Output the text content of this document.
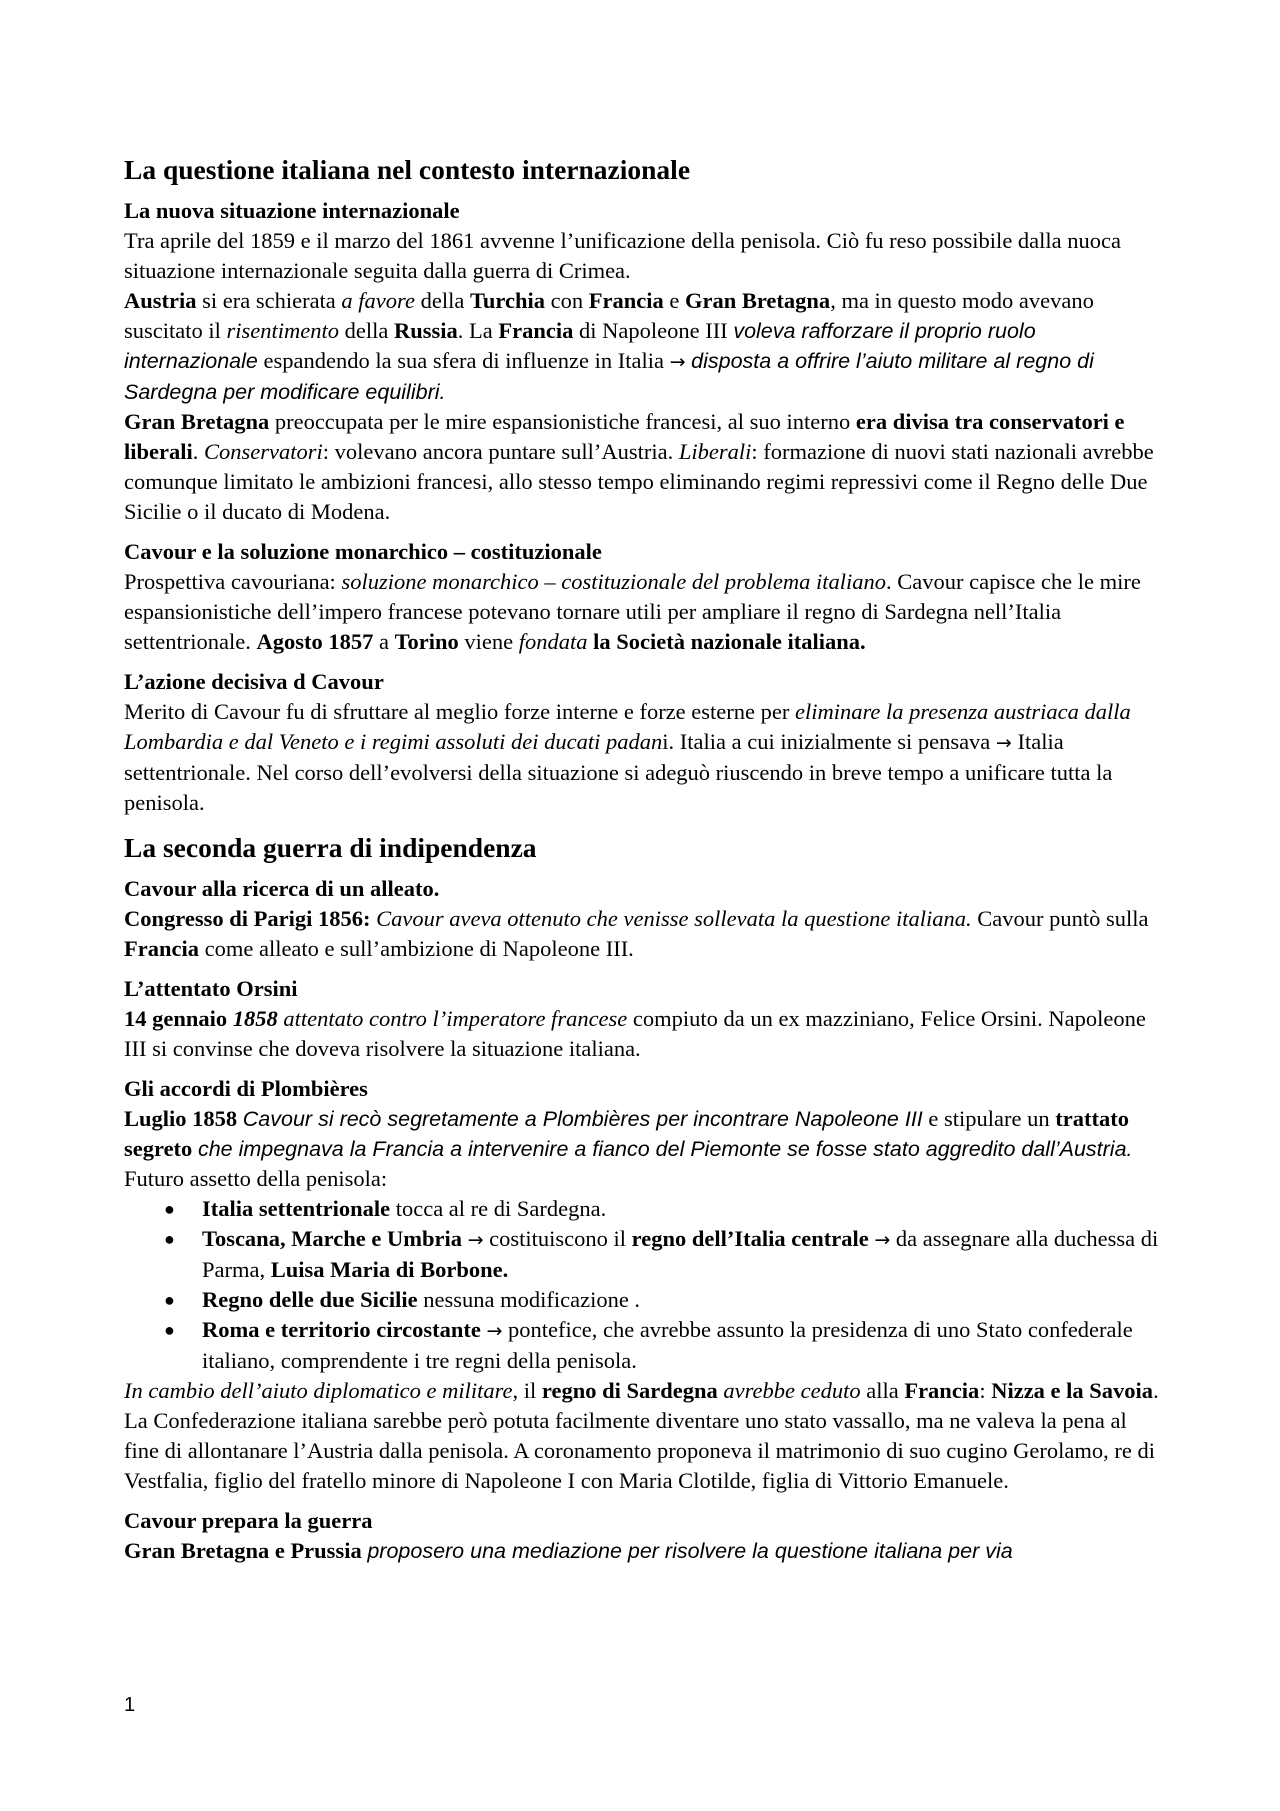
La questione italiana nel contesto internazionale
La nuova situazione internazionale

Tra aprile del 1859 e il marzo del 1861 avvenne l’unificazione della penisola. Ciò fu reso possibile dalla nuoca situazione internazionale seguita dalla guerra di Crimea.

Austria si era schierata a favore della Turchia con Francia e Gran Bretagna, ma in questo modo avevano suscitato il risentimento della Russia. La Francia di Napoleone III voleva rafforzare il proprio ruolo internazionale espandendo la sua sfera di influenze in Italia → disposta a offrire l’aiuto militare al regno di Sardegna per modificare equilibri.

Gran Bretagna preoccupata per le mire espansionistiche francesi, al suo interno era divisa tra conservatori e liberali. Conservatori: volevano ancora puntare sull’Austria. Liberali: formazione di nuovi stati nazionali avrebbe comunque limitato le ambizioni francesi, allo stesso tempo eliminando regimi repressivi come il Regno delle Due Sicilie o il ducato di Modena.

Cavour e la soluzione monarchico – costituzionale

Prospettiva cavouriana: soluzione monarchico – costituzionale del problema italiano. Cavour capisce che le mire espansionistiche dell’impero francese potevano tornare utili per ampliare il regno di Sardegna nell’Italia settentrionale. Agosto 1857 a Torino viene fondata la Società nazionale italiana.

L’azione decisiva d Cavour

Merito di Cavour fu di sfruttare al meglio forze interne e forze esterne per eliminare la presenza austriaca dalla Lombardia e dal Veneto e i regimi assoluti dei ducati padani. Italia a cui inizialmente si pensava → Italia settentrionale. Nel corso dell’evolversi della situazione si adeguò riuscendo in breve tempo a unificare tutta la penisola.

La seconda guerra di indipendenza
Cavour alla ricerca di un alleato.

Congresso di Parigi 1856: Cavour aveva ottenuto che venisse sollevata la questione italiana. Cavour puntò sulla Francia come alleato e sull’ambizione di Napoleone III.

L’attentato Orsini

14 gennaio 1858 attentato contro l’imperatore francese compiuto da un ex mazziniano, Felice Orsini. Napoleone III si convinse che doveva risolvere la situazione italiana.

Gli accordi di Plombières

Luglio 1858 Cavour si recò segretamente a Plombières per incontrare Napoleone III e stipulare un trattato segreto che impegnava la Francia a intervenire a fianco del Piemonte se fosse stato aggredito dall’Austria.

Futuro assetto della penisola:

● Italia settentrionale tocca al re di Sardegna.
● Toscana, Marche e Umbria → costituiscono il regno dell’Italia centrale → da assegnare alla duchessa di Parma, Luisa Maria di Borbone.
● Regno delle due Sicilie nessuna modificazione .
● Roma e territorio circostante → pontefice, che avrebbe assunto la presidenza di uno Stato confederale italiano, comprendente i tre regni della penisola.

In cambio dell’aiuto diplomatico e militare, il regno di Sardegna avrebbe ceduto alla Francia: Nizza e la Savoia. La Confederazione italiana sarebbe però potuta facilmente diventare uno stato vassallo, ma ne valeva la pena al fine di allontanare l’Austria dalla penisola. A coronamento proponeva il matrimonio di suo cugino Gerolamo, re di Vestfalia, figlio del fratello minore di Napoleone I con Maria Clotilde, figlia di Vittorio Emanuele.

Cavour prepara la guerra

Gran Bretagna e Prussia proposero una mediazione per risolvere la questione italiana per via

1
